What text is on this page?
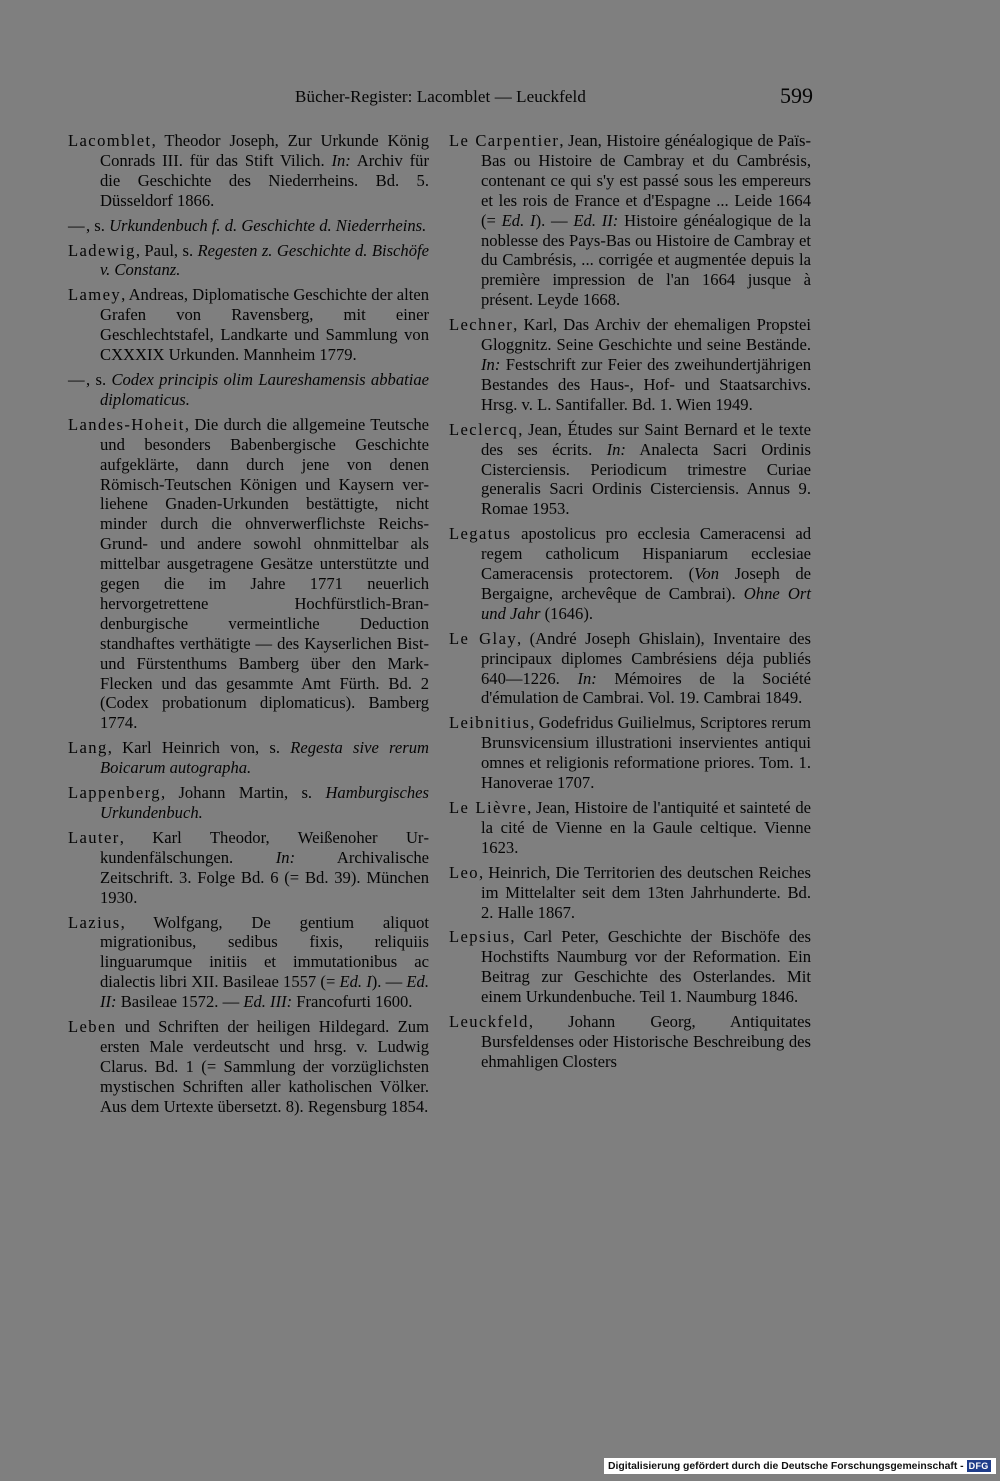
Bücher-Register: Lacomblet — Leuckfeld	599

Lacomblet, Theodor Joseph, Zur Urkunde König Conrads III. für das Stift Vilich. In: Archiv für die Geschichte des Niederrheins. Bd. 5. Düsseldorf 1866.

—, s. Urkundenbuch f. d. Geschichte d. Niederrheins.

Ladewig, Paul, s. Regesten z. Geschichte d. Bischöfe v. Constanz.

Lamey, Andreas, Diplomatische Geschichte der alten Grafen von Ravensberg, mit einer Geschlechtstafel, Landkarte und Sammlung von CXXXIX Urkunden. Mannheim 1779.

—, s. Codex principis olim Laureshamensis abbatiae diplomaticus.

Landes-Hoheit, Die durch die allgemeine Teutsche und besonders Babenbergische Geschichte aufgeklärte, dann durch jene von denen Römisch-Teutschen Königen und Kaysern verliehene Gnaden-Urkunden bestättigte, nicht minder durch die ohnverwerflichste Reichs-Grund- und andere sowohl ohnmittelbar als mittelbar ausgetragene Gesätze unterstützte und gegen die im Jahre 1771 neuerlich hervorgetrettene Hochfürstlich-Brandenburgische vermeintliche Deduction standhaftes verthätigte — des Kayserlichen Bist- und Fürstenthums Bamberg über den Mark-Flecken und das gesammte Amt Fürth. Bd. 2 (Codex probationum diplomaticus). Bamberg 1774.

Lang, Karl Heinrich von, s. Regesta sive rerum Boicarum autographa.

Lappenberg, Johann Martin, s. Hamburgisches Urkundenbuch.

Lauter, Karl Theodor, Weißenoher Urkundenfälschungen. In: Archivalische Zeitschrift. 3. Folge Bd. 6 (= Bd. 39). München 1930.

Lazius, Wolfgang, De gentium aliquot migrationibus, sedibus fixis, reliquiis linguarumque initiis et immutationibus ac dialectis libri XII. Basileae 1557 (= Ed. I). — Ed. II: Basileae 1572. — Ed. III: Francofurti 1600.

Leben und Schriften der heiligen Hildegard. Zum ersten Male verdeutscht und hrsg. v. Ludwig Clarus. Bd. 1 (= Sammlung der vorzüglichsten mystischen Schriften aller katholischen Völker. Aus dem Urtexte übersetzt. 8). Regensburg 1854.

Le Carpentier, Jean, Histoire généalogique de Païs-Bas ou Histoire de Cambray et du Cambrésis, contenant ce qui s'y est passé sous les empereurs et les rois de France et d'Espagne ... Leide 1664 (= Ed. I). — Ed. II: Histoire généalogique de la noblesse des Pays-Bas ou Histoire de Cambray et du Cambrésis, ... corrigée et augmentée depuis la première impression de l'an 1664 jusque à présent. Leyde 1668.

Lechner, Karl, Das Archiv der ehemaligen Propstei Gloggnitz. Seine Geschichte und seine Bestände. In: Festschrift zur Feier des zweihundertjährigen Bestandes des Haus-, Hof- und Staatsarchivs. Hrsg. v. L. Santifaller. Bd. 1. Wien 1949.

Leclercq, Jean, Études sur Saint Bernard et le texte des ses écrits. In: Analecta Sacri Ordinis Cisterciensis. Periodicum trimestre Curiae generalis Sacri Ordinis Cisterciensis. Annus 9. Romae 1953.

Legatus apostolicus pro ecclesia Cameracensi ad regem catholicum Hispaniarum ecclesiae Cameracensis protectorem. (Von Joseph de Bergaigne, archevêque de Cambrai). Ohne Ort und Jahr (1646).

Le Glay, (André Joseph Ghislain), Inventaire des principaux diplomes Cambrésiens déja publiés 640—1226. In: Mémoires de la Société d'émulation de Cambrai. Vol. 19. Cambrai 1849.

Leibnitius, Godefridus Guilielmus, Scriptores rerum Brunsvicensium illustrationi inservientes antiqui omnes et religionis reformatione priores. Tom. 1. Hanoverae 1707.

Le Lièvre, Jean, Histoire de l'antiquité et sainteté de la cité de Vienne en la Gaule celtique. Vienne 1623.

Leo, Heinrich, Die Territorien des deutschen Reiches im Mittelalter seit dem 13ten Jahrhunderte. Bd. 2. Halle 1867.

Lepsius, Carl Peter, Geschichte der Bischöfe des Hochstifts Naumburg vor der Reformation. Ein Beitrag zur Geschichte des Osterlandes. Mit einem Urkundenbuche. Teil 1. Naumburg 1846.

Leuckfeld, Johann Georg, Antiquitates Bursfeldenses oder Historische Beschreibung des ehmahligen Closters

Digitalisierung gefördert durch die Deutsche Forschungsgemeinschaft - DFG
